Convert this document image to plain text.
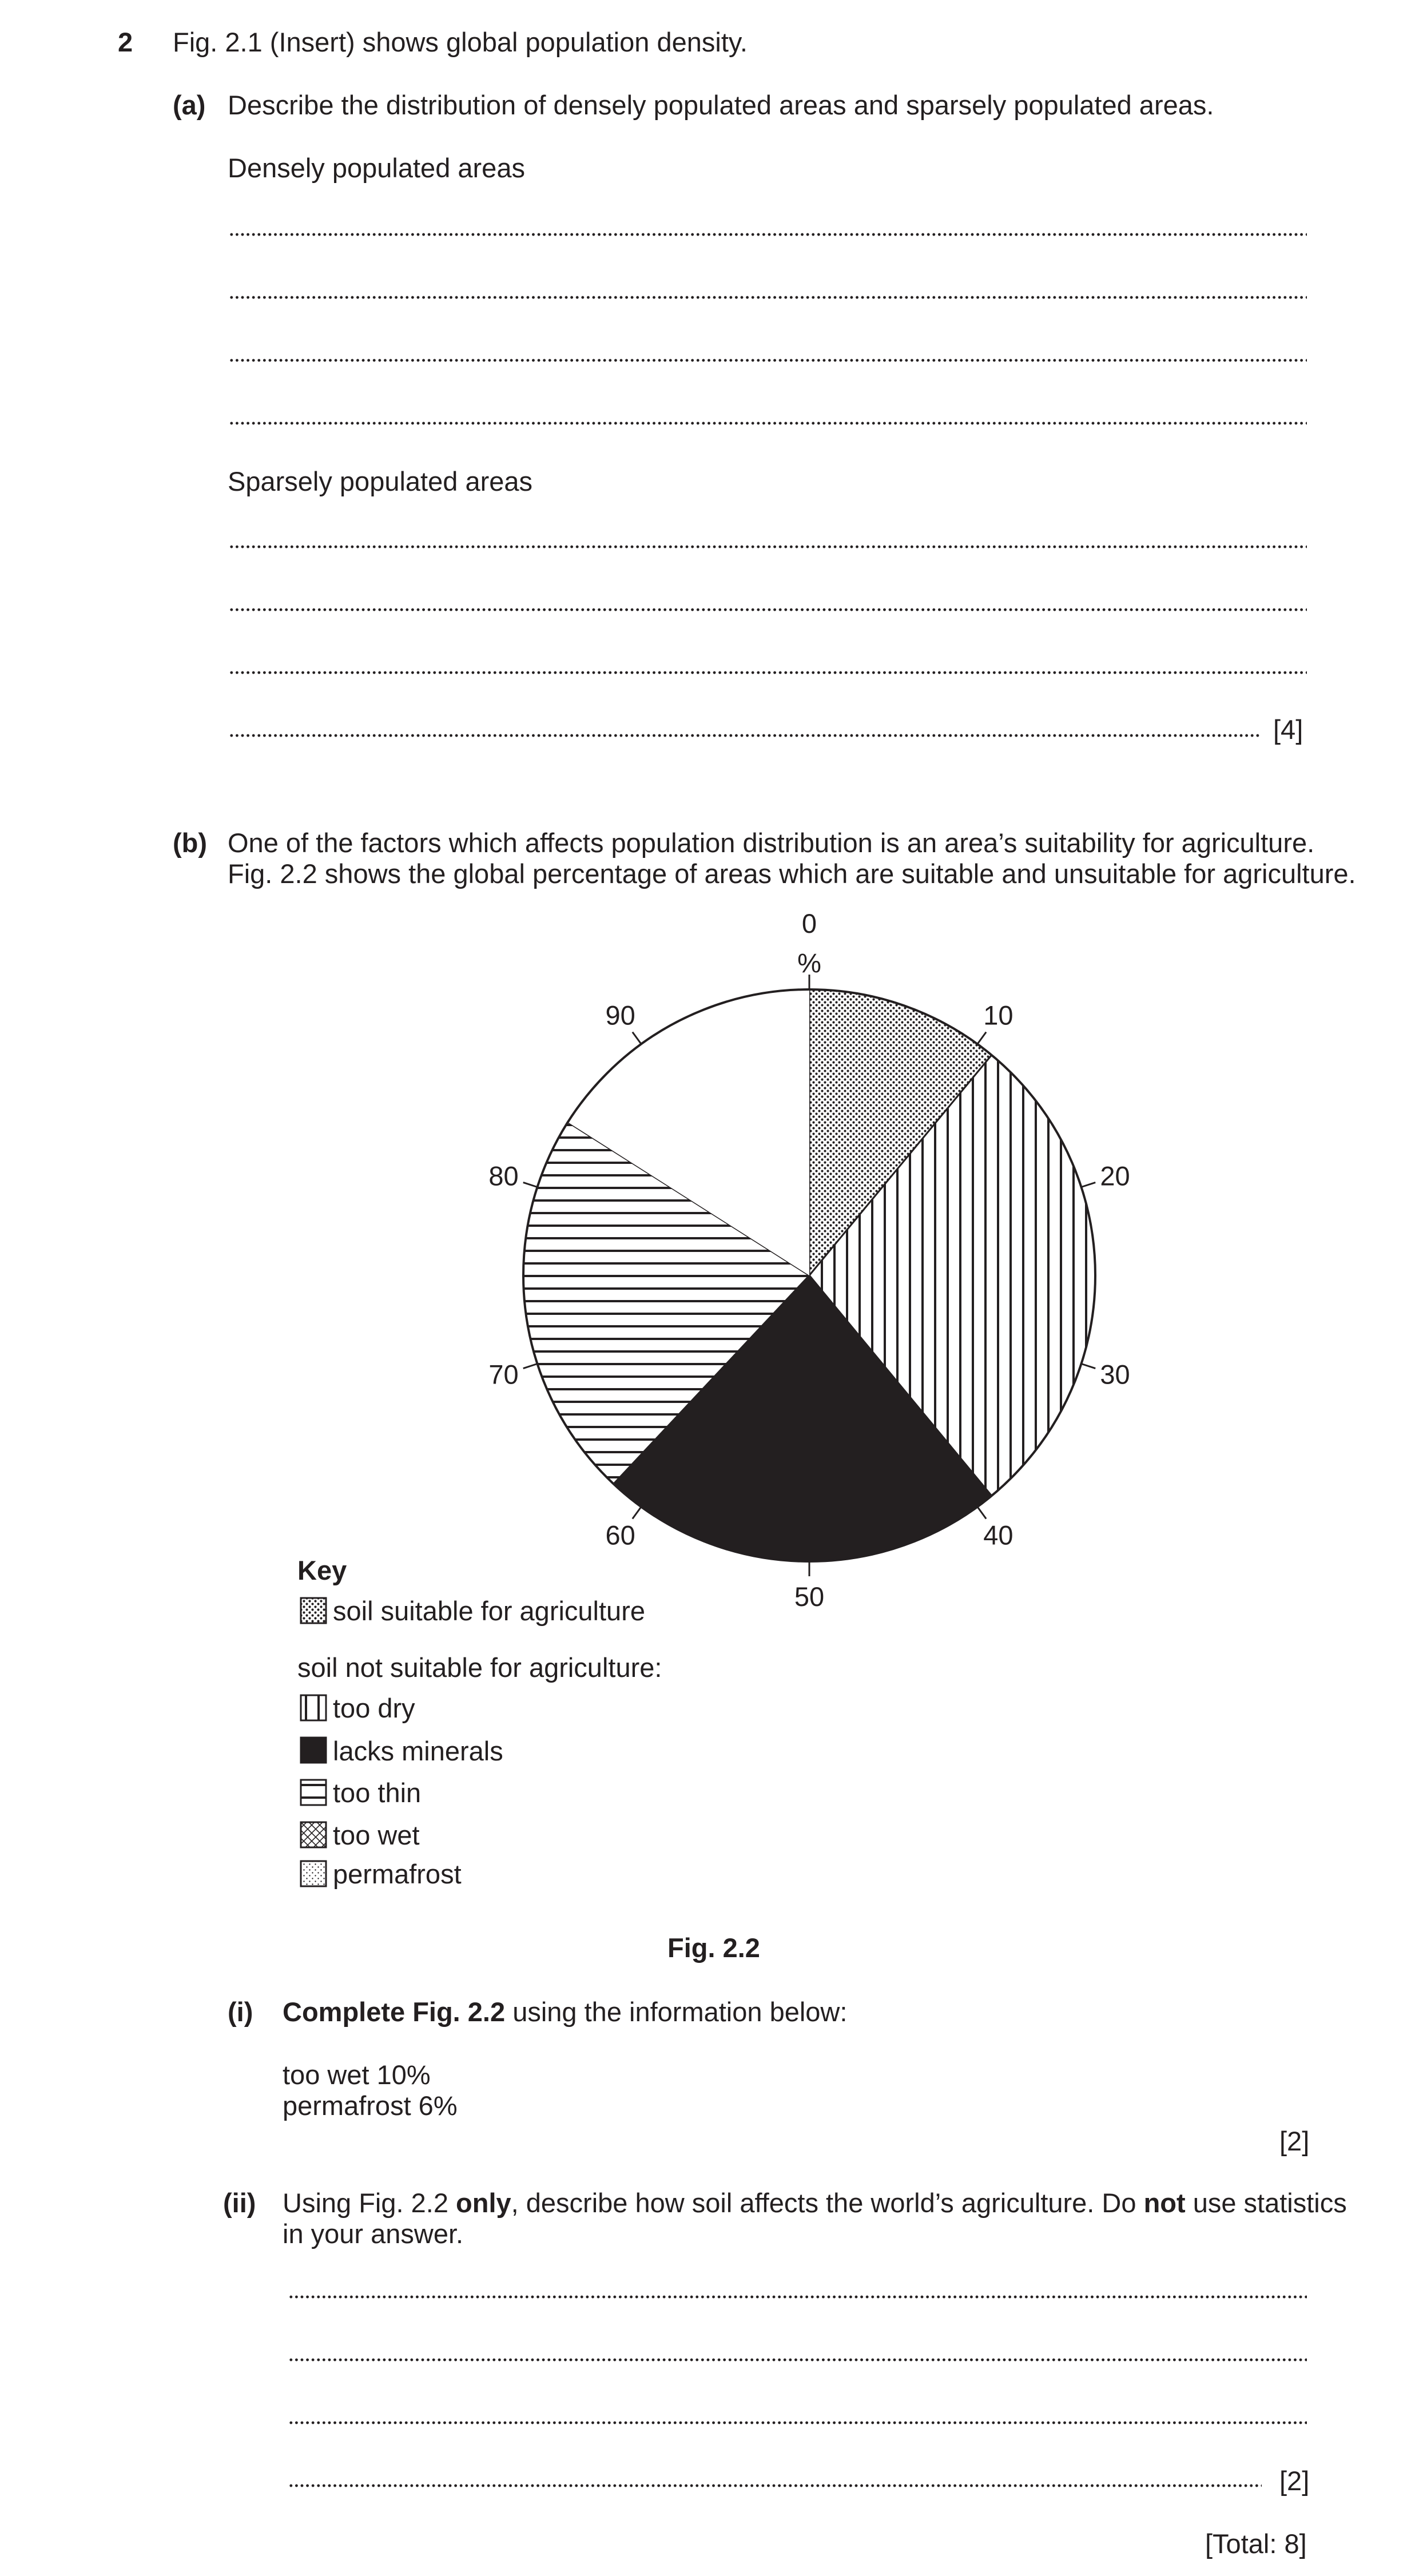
2 Fig. 2.1 (Insert) shows global population density.
(a) Describe the distribution of densely populated areas and sparsely populated areas.
Densely populated areas
Sparsely populated areas
[4]
(b) One of the factors which affects population distribution is an area’s suitability for agriculture.
Fig. 2.2 shows the global percentage of areas which are suitable and unsuitable for agriculture.
0
10
20
30
40
50
60
70
80
90
%
Key
soil suitable for agriculture
soil not suitable for agriculture:
too dry
lacks minerals
too thin
too wet
permafrost
Fig. 2.2
(i) Complete Fig. 2.2 using the information below:
too wet 10%
permafrost 6%
[2]
(ii) Using Fig. 2.2 only, describe how soil affects the world’s agriculture. Do not use statistics
in your answer.
[2]
[Total: 8]
